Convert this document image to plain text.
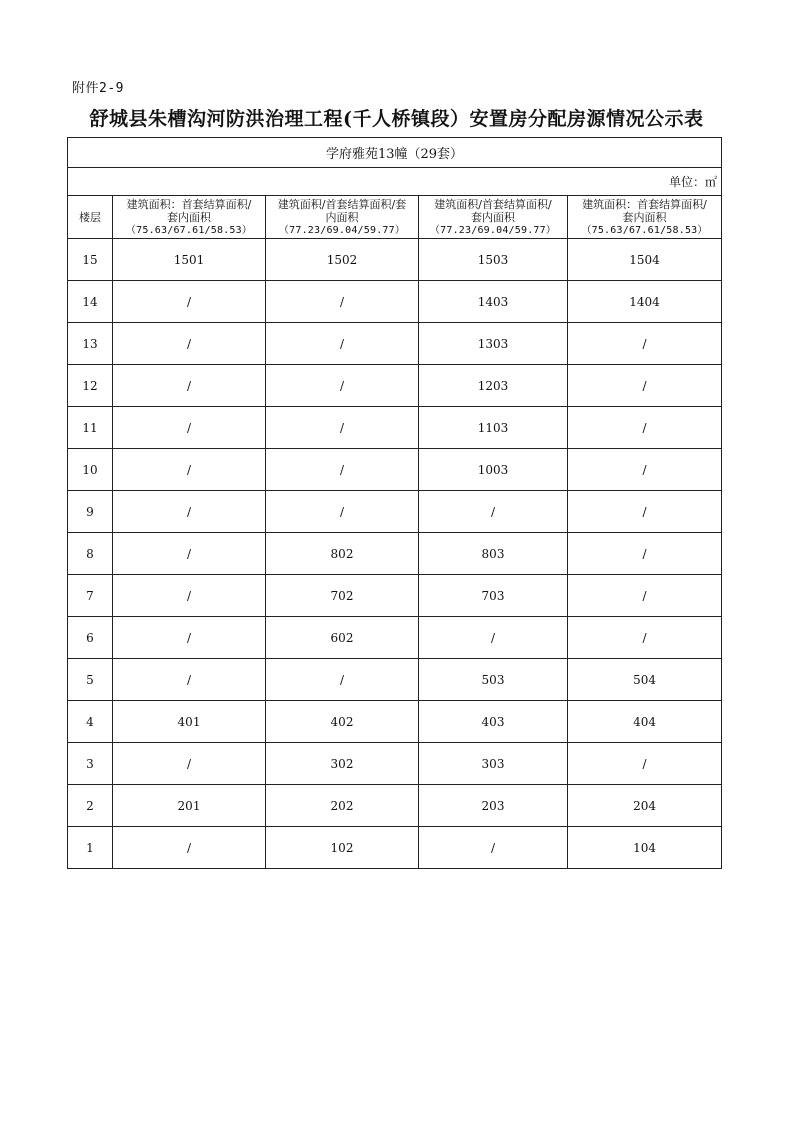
附件2-9
舒城县朱槽沟河防洪治理工程(千人桥镇段）安置房分配房源情况公示表
学府雅苑13幢（29套）				
单位：㎡				
楼层	建筑面积：首套结算面积/
套内面积
（75.63/67.61/58.53）	建筑面积/首套结算面积/套
内面积
（77.23/69.04/59.77）	建筑面积/首套结算面积/
套内面积
（77.23/69.04/59.77）	建筑面积：首套结算面积/
套内面积
（75.63/67.61/58.53）

15	1501	1502	1503	1504
14	/	/	1403	1404
13	/	/	1303	/
12	/	/	1203	/
11	/	/	1103	/
10	/	/	1003	/
9	/	/	/	/
8	/	802	803	/
7	/	702	703	/
6	/	602	/	/
5	/	/	503	504
4	401	402	403	404
3	/	302	303	/
2	201	202	203	204
1	/	102	/	104
